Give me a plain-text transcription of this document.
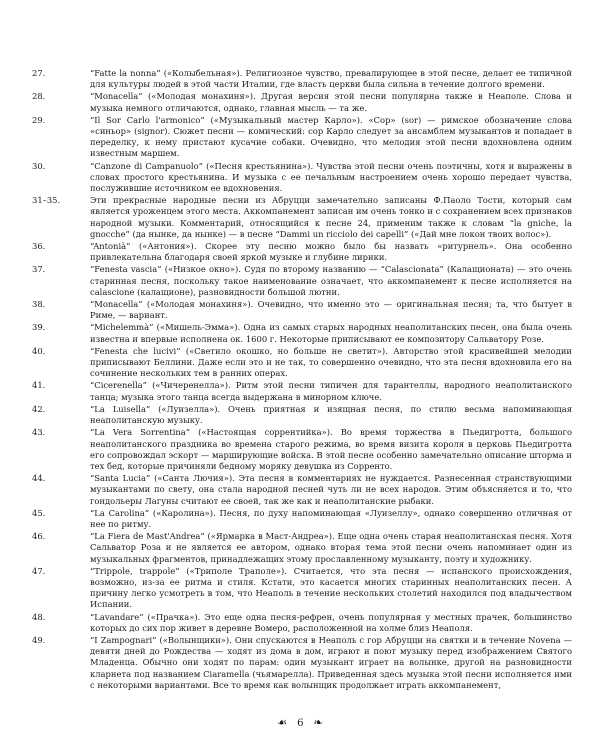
27.	“Fatte la nonna” («Колыбельная»). Религиозное чувство, превалирующее в этой песне, делает ее типичной для культуры людей в этой части Италии, где власть церкви была сильна в течение долгого времени.
28.	“Monacella” («Молодая монахиня»). Другая версия этой песни популярна также в Неаполе. Слова и музыка немного отличаются, однако, главная мысль — та же.
29.	“Il Sor Carlo l'armonico” («Музыкальный мастер Карло»). «Сор» (sor) — римское обозначение слова «синьор» (signor). Сюжет песни — комический: сор Карло следует за ансамблем музыкантов и попадает в переделку, к нему пристают кусачие собаки. Очевидно, что мелодия этой песни вдохновлена одним известным маршем.
30.	“Canzone di Campanuolo” («Песня крестьянина»). Чувства этой песни очень поэтичны, хотя и выражены в словах простого крестьянина. И музыка с ее печальным настроением очень хорошо передает чувства, послужившие источником ее вдохновения.
31–35.	Эти прекрасные народные песни из Абруцци замечательно записаны Ф.Паоло Тости, который сам является уроженцем этого места. Аккомпанемент записан им очень тонко и с сохранением всех признаков народной музыки. Комментарий, относящийся к песне 24, применим также к словам “la gniche, la gnocche” (да нынке, да нынке) — в песне “Dammi un ricciolo dei capelli” («Дай мне локон твоих волос»).
36.	“Antonià” («Антония»). Скорее эту песню можно было бы назвать «ритурнель». Она особенно привлекательна благодаря своей яркой музыке и глубине лирики.
37.	“Fenesta vascia” («Низкое окно»). Судя по второму названию — “Calascionata” (Калащионата) — это очень старинная песня, поскольку такое наименование означает, что аккомпанемент к песне исполняется на calascione (калащионе), разновидности большой лютни.
38.	“Monacella” («Молодая монахиня»). Очевидно, что именно это — оригинальная песня; та, что бытует в Риме, — вариант.
39.	“Michelemmà” («Мишель-Эмма»). Одна из самых старых народных неаполитанских песен, она была очень известна и впервые исполнена ок. 1600 г. Некоторые приписывают ее композитору Сальватору Розе.
40.	“Fenesta che lucivi” («Светило окошко, но больше не светит»). Авторство этой красивейшей мелодии приписывают Беллини. Даже если это и не так, то совершенно очевидно, что эта песня вдохновила его на сочинение нескольких тем в ранних операх.
41.	“Cicerenella” («Чичеренелла»). Ритм этой песни типичен для тарантеллы, народного неаполитанского танца; музыка этого танца всегда выдержана в минорном ключе.
42.	“La Luisella” («Луизелла»). Очень приятная и изящная песня, по стилю весьма напоминающая неаполитанскую музыку.
43.	“La Vera Sorrentina” («Настоящая соррентийка»). Во время торжества в Пьедигротта, большого неаполитанского праздника во времена старого режима, во время визита короля в церковь Пьедигротта его сопровождал эскорт — марширующие войска. В этой песне особенно замечательно описание шторма и тех бед, которые причиняли бедному моряку девушка из Сорренто.
44.	“Santa Lucia” («Санта Лючия»). Эта песня в комментариях не нуждается. Разнесенная странствующими музыкантами по свету, она стала народной песней чуть ли не всех народов. Этим объясняется и то, что гондольеры Лагуны считают ее своей, так же как и неаполитанские рыбаки.
45.	“La Carolina” («Каролина»). Песня, по духу напоминающая «Луизеллу», однако совершенно отличная от нее по ритму.
46.	“La Fiera de Mast'Andrea” («Ярмарка в Маст-Андреа»). Еще одна очень старая неаполитанская песня. Хотя Сальватор Роза и не является ее автором, однако вторая тема этой песни очень напоминает один из музыкальных фрагментов, принадлежащих этому прославленному музыканту, поэту и художнику.
47.	“Trippole, trappole” («Триполе Траполе»). Считается, что эта песня — испанского происхождения, возможно, из-за ее ритма и стиля. Кстати, это касается многих старинных неаполитанских песен. А причину легко усмотреть в том, что Неаполь в течение нескольких столетий находился под владычеством Испании.
48.	“Lavandare” («Прачка»). Это еще одна песня-рефрен, очень популярная у местных прачек, большинство которых до сих пор живет в деревне Вомеро, расположенной на холме близ Неаполя.
49.	“I Zampognari” («Волынщики»). Они спускаются в Неаполь с гор Абруцци на святки и в течение Novena — девяти дней до Рождества — ходят из дома в дом, играют и поют музыку перед изображением Святого Младенца. Обычно они ходят по парам: один музыкант играет на волынке, другой на разновидности кларнета под названием Ciaramella (чьямарелла). Приведенная здесь музыка этой песни исполняется ими с некоторыми вариантами. Все то время как волынщик продолжает играть аккомпанемент,
☙ 6 ❧
